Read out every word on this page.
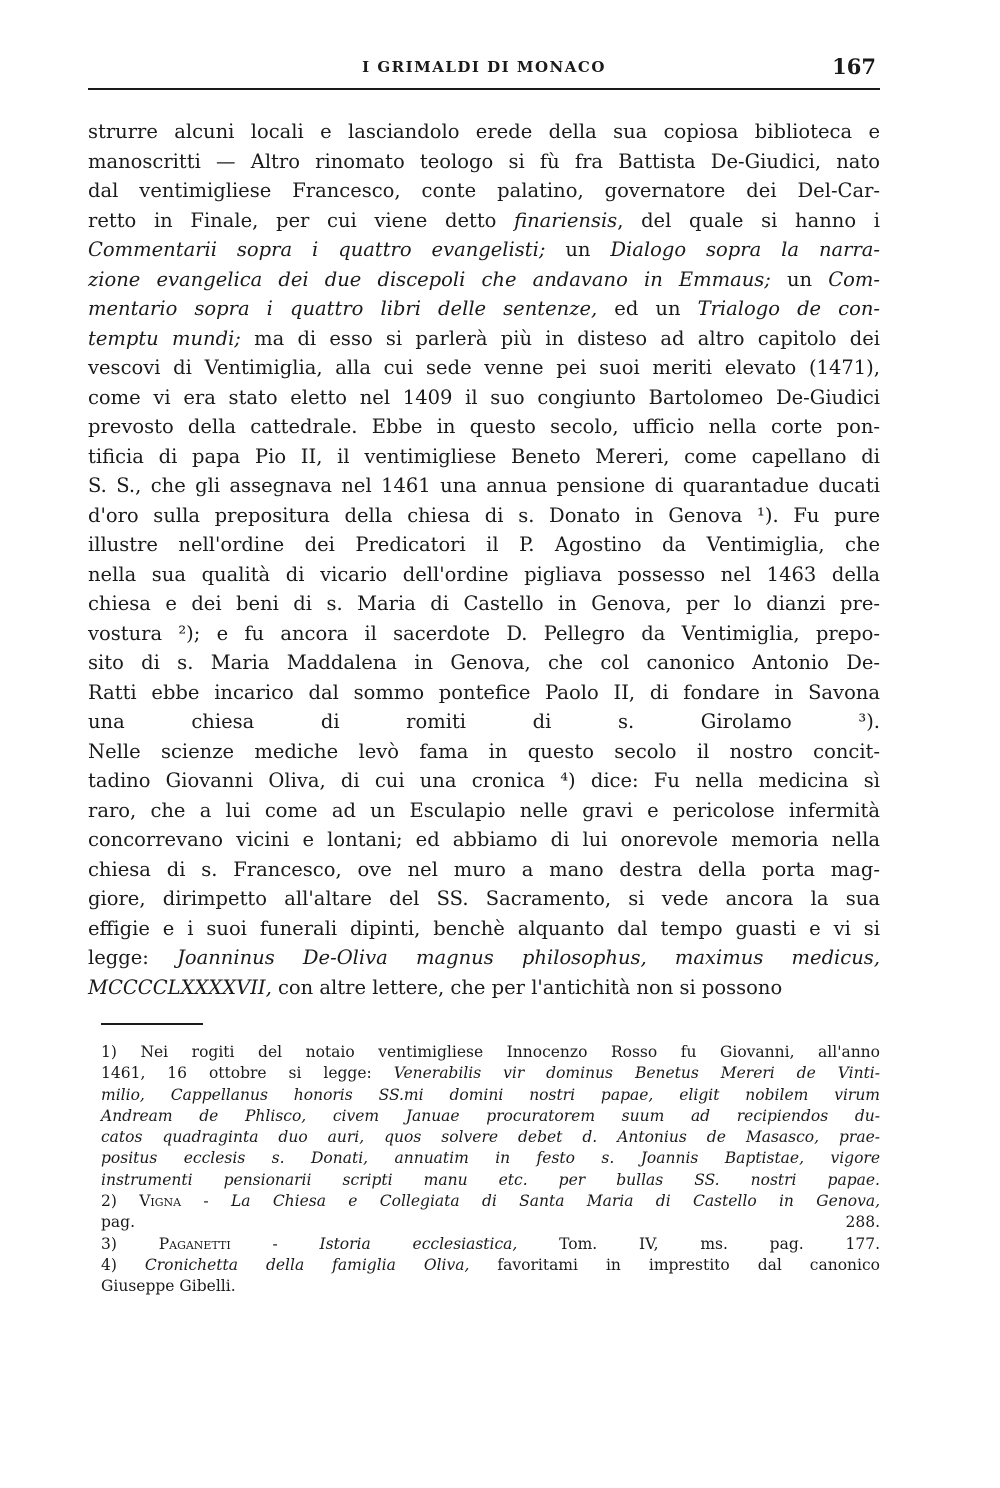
I GRIMALDI DI MONACO	167
strurre alcuni locali e lasciandolo erede della sua copiosa biblioteca e
manoscritti — Altro rinomato teologo si fù fra Battista De-Giudici, nato
dal ventimigliese Francesco, conte palatino, governatore dei Del-Car-
retto in Finale, per cui viene detto finariensis, del quale si hanno i
Commentarii sopra i quattro evangelisti; un Dialogo sopra la narra-
zione evangelica dei due discepoli che andavano in Emmaus; un Com-
mentario sopra i quattro libri delle sentenze, ed un Trialogo de con-
temptu mundi; ma di esso si parlerà più in disteso ad altro capitolo dei
vescovi di Ventimiglia, alla cui sede venne pei suoi meriti elevato (1471),
come vi era stato eletto nel 1409 il suo congiunto Bartolomeo De-Giudici
prevosto della cattedrale. Ebbe in questo secolo, ufficio nella corte pon-
tificia di papa Pio II, il ventimigliese Beneto Mereri, come capellano di
S. S., che gli assegnava nel 1461 una annua pensione di quarantadue ducati
d'oro sulla prepositura della chiesa di s. Donato in Genova ¹). Fu pure
illustre nell'ordine dei Predicatori il P. Agostino da Ventimiglia, che
nella sua qualità di vicario dell'ordine pigliava possesso nel 1463 della
chiesa e dei beni di s. Maria di Castello in Genova, per lo dianzi pre-
vostura ²); e fu ancora il sacerdote D. Pellegro da Ventimiglia, prepo-
sito di s. Maria Maddalena in Genova, che col canonico Antonio De-
Ratti ebbe incarico dal sommo pontefice Paolo II, di fondare in Savona
una chiesa di romiti di s. Girolamo ³).
Nelle scienze mediche levò fama in questo secolo il nostro concit-
tadino Giovanni Oliva, di cui una cronica ⁴) dice: Fu nella medicina sì
raro, che a lui come ad un Esculapio nelle gravi e pericolose infermità
concorrevano vicini e lontani; ed abbiamo di lui onorevole memoria nella
chiesa di s. Francesco, ove nel muro a mano destra della porta mag-
giore, dirimpetto all'altare del SS. Sacramento, si vede ancora la sua
effigie e i suoi funerali dipinti, benchè alquanto dal tempo guasti e vi si
legge: Joanninus De-Oliva magnus philosophus, maximus medicus,
MCCCCLXXXXVII, con altre lettere, che per l'antichità non si possono
1) Nei rogiti del notaio ventimigliese Innocenzo Rosso fu Giovanni, all'anno
1461, 16 ottobre si legge: Venerabilis vir dominus Benetus Mereri de Vinti-
milio, Cappellanus honoris SS.mi domini nostri papae, eligit nobilem virum
Andream de Phlisco, civem Januae procuratorem suum ad recipiendos du-
catos quadraginta duo auri, quos solvere debet d. Antonius de Masasco, prae-
positus ecclesis s. Donati, annuatim in festo s. Joannis Baptistae, vigore
instrumenti pensionarii scripti manu etc. per bullas SS. nostri papae.
2) Vigna - La Chiesa e Collegiata di Santa Maria di Castello in Genova,
pag. 288.
3) Paganetti - Istoria ecclesiastica, Tom. IV, ms. pag. 177.
4) Cronichetta della famiglia Oliva, favoritami in imprestito dal canonico
Giuseppe Gibelli.
